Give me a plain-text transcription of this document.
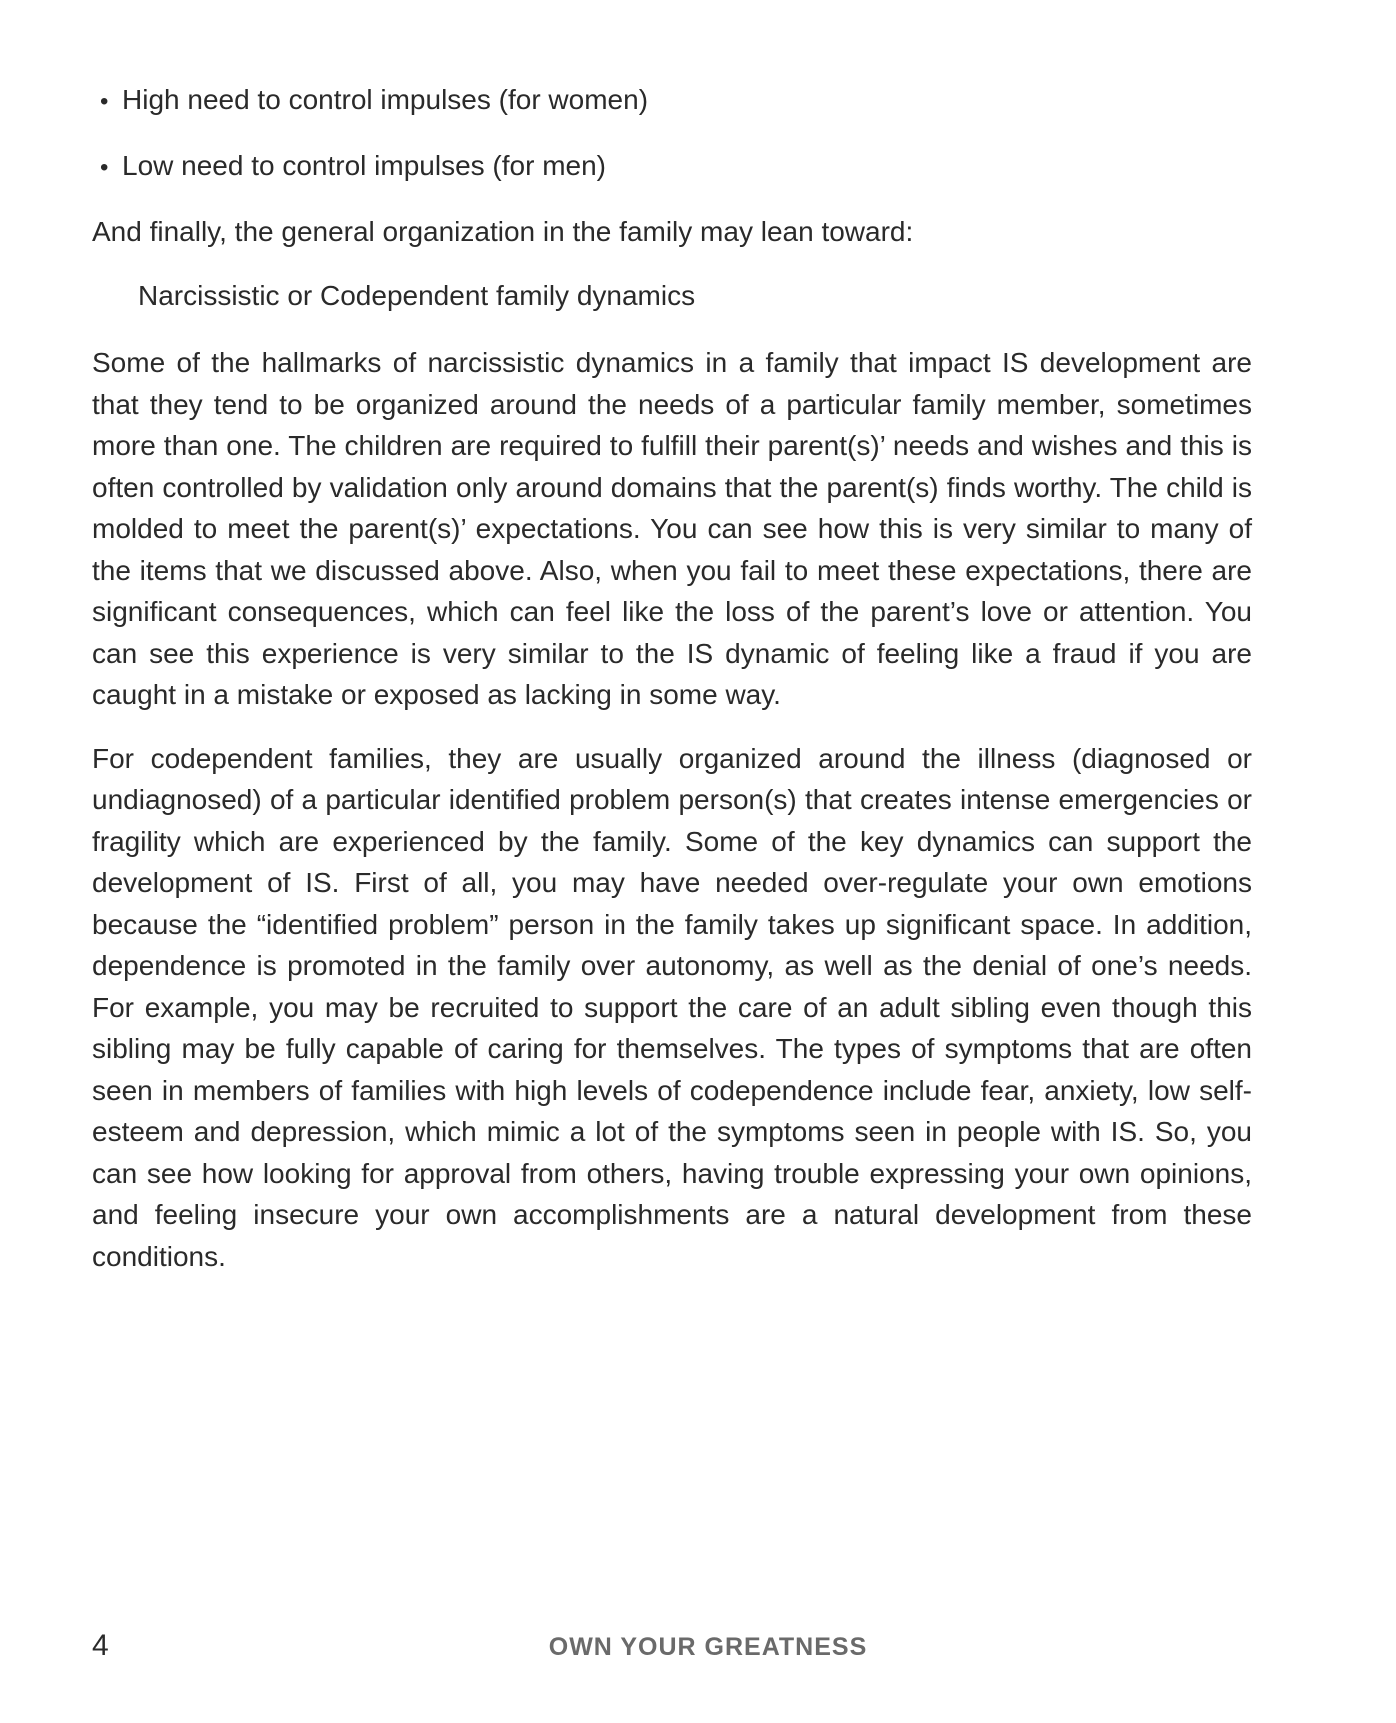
• High need to control impulses (for women)
• Low need to control impulses (for men)

And finally, the general organization in the family may lean toward:

Narcissistic or Codependent family dynamics

Some of the hallmarks of narcissistic dynamics in a family that impact IS development are that they tend to be organized around the needs of a particular family member, sometimes more than one. The children are required to fulfill their parent(s)’ needs and wishes and this is often controlled by validation only around domains that the parent(s) finds worthy. The child is molded to meet the parent(s)’ expectations. You can see how this is very similar to many of the items that we discussed above. Also, when you fail to meet these expectations, there are significant consequences, which can feel like the loss of the parent’s love or attention. You can see this experience is very similar to the IS dynamic of feeling like a fraud if you are caught in a mistake or exposed as lacking in some way.

For codependent families, they are usually organized around the illness (diagnosed or undiagnosed) of a particular identified problem person(s) that creates intense emergencies or fragility which are experienced by the family. Some of the key dynamics can support the development of IS. First of all, you may have needed over-regulate your own emotions because the “identified problem” person in the family takes up significant space. In addition, dependence is promoted in the family over autonomy, as well as the denial of one’s needs. For example, you may be recruited to support the care of an adult sibling even though this sibling may be fully capable of caring for themselves. The types of symptoms that are often seen in members of families with high levels of codependence include fear, anxiety, low self-esteem and depression, which mimic a lot of the symptoms seen in people with IS. So, you can see how looking for approval from others, having trouble expressing your own opinions, and feeling insecure your own accomplishments are a natural development from these conditions.

4	OWN YOUR GREATNESS
